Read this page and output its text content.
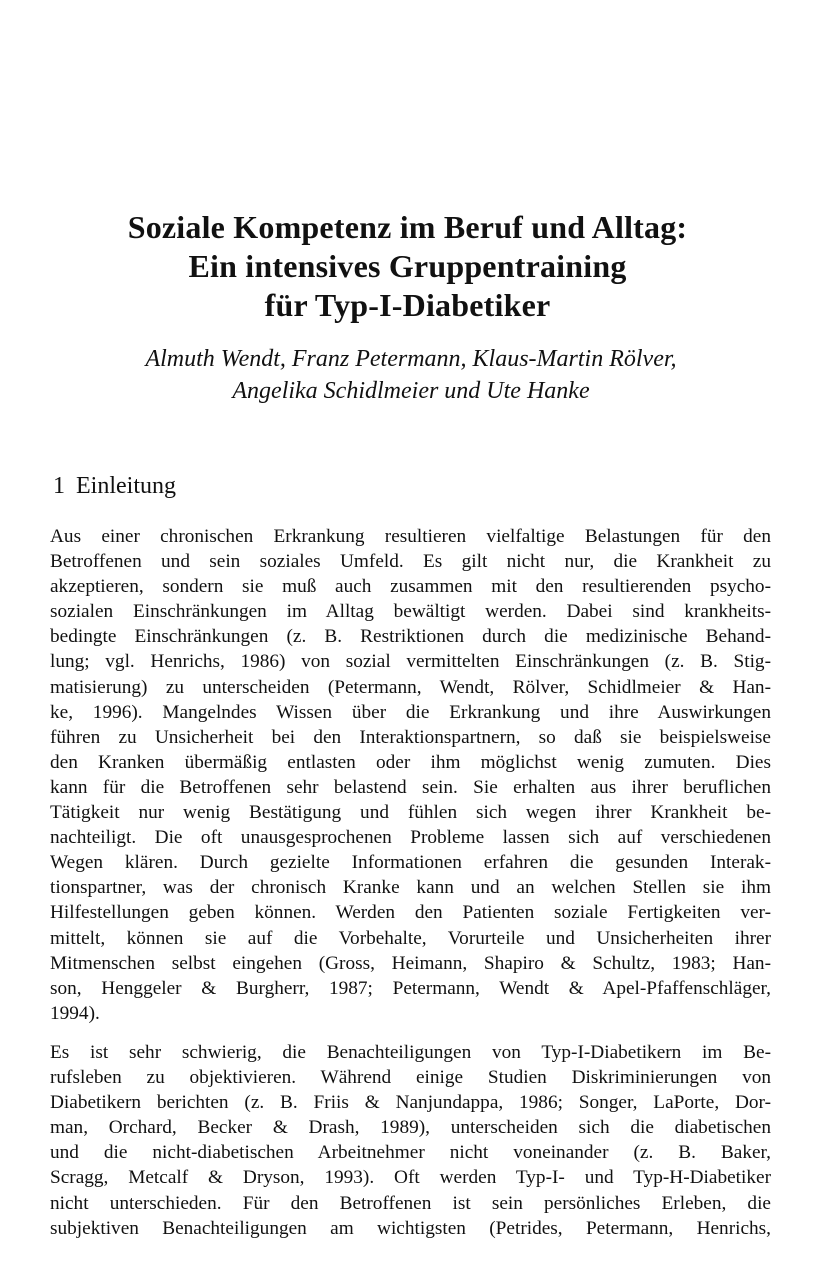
Soziale Kompetenz im Beruf und Alltag:
Ein intensives Gruppentraining
für Typ-I-Diabetiker
Almuth Wendt, Franz Petermann, Klaus-Martin Rölver,
Angelika Schidlmeier und Ute Hanke
1 Einleitung
Aus einer chronischen Erkrankung resultieren vielfaltige Belastungen für den
Betroffenen und sein soziales Umfeld. Es gilt nicht nur, die Krankheit zu
akzeptieren, sondern sie muß auch zusammen mit den resultierenden psycho-
sozialen Einschränkungen im Alltag bewältigt werden. Dabei sind krankheits-
bedingte Einschränkungen (z. B. Restriktionen durch die medizinische Behand-
lung; vgl. Henrichs, 1986) von sozial vermittelten Einschränkungen (z. B. Stig-
matisierung) zu unterscheiden (Petermann, Wendt, Rölver, Schidlmeier & Han-
ke, 1996). Mangelndes Wissen über die Erkrankung und ihre Auswirkungen
führen zu Unsicherheit bei den Interaktionspartnern, so daß sie beispielsweise
den Kranken übermäßig entlasten oder ihm möglichst wenig zumuten. Dies
kann für die Betroffenen sehr belastend sein. Sie erhalten aus ihrer beruflichen
Tätigkeit nur wenig Bestätigung und fühlen sich wegen ihrer Krankheit be-
nachteiligt. Die oft unausgesprochenen Probleme lassen sich auf verschiedenen
Wegen klären. Durch gezielte Informationen erfahren die gesunden Interak-
tionspartner, was der chronisch Kranke kann und an welchen Stellen sie ihm
Hilfestellungen geben können. Werden den Patienten soziale Fertigkeiten ver-
mittelt, können sie auf die Vorbehalte, Vorurteile und Unsicherheiten ihrer
Mitmenschen selbst eingehen (Gross, Heimann, Shapiro & Schultz, 1983; Han-
son, Henggeler & Burgherr, 1987; Petermann, Wendt & Apel-Pfaffenschläger,
1994).
Es ist sehr schwierig, die Benachteiligungen von Typ-I-Diabetikern im Be-
rufsleben zu objektivieren. Während einige Studien Diskriminierungen von
Diabetikern berichten (z. B. Friis & Nanjundappa, 1986; Songer, LaPorte, Dor-
man, Orchard, Becker & Drash, 1989), unterscheiden sich die diabetischen
und die nicht-diabetischen Arbeitnehmer nicht voneinander (z. B. Baker,
Scragg, Metcalf & Dryson, 1993). Oft werden Typ-I- und Typ-H-Diabetiker
nicht unterschieden. Für den Betroffenen ist sein persönliches Erleben, die
subjektiven Benachteiligungen am wichtigsten (Petrides, Petermann, Henrichs,
